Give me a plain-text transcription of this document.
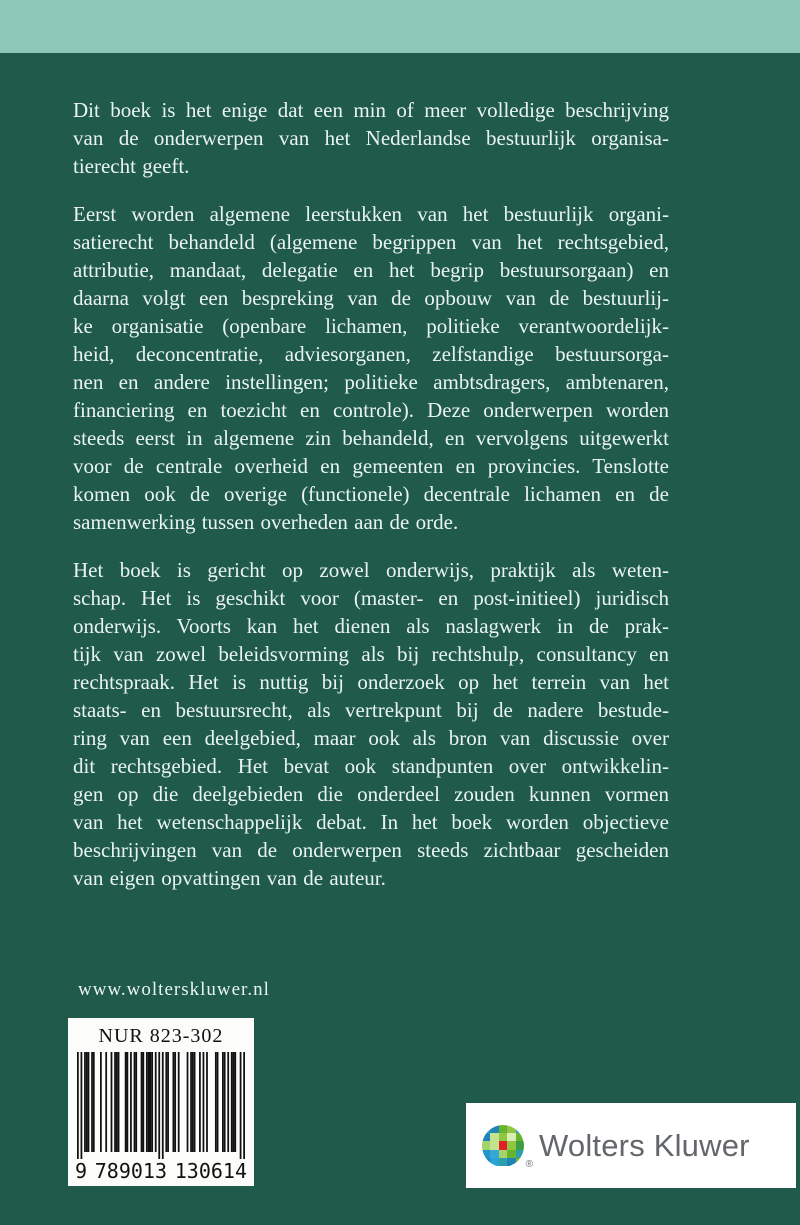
Dit boek is het enige dat een min of meer volledige beschrijving
van de onderwerpen van het Nederlandse bestuurlijk organisa-
tierecht geeft.
Eerst worden algemene leerstukken van het bestuurlijk organi-
satierecht behandeld (algemene begrippen van het rechtsgebied,
attributie, mandaat, delegatie en het begrip bestuursorgaan) en
daarna volgt een bespreking van de opbouw van de bestuurlij-
ke organisatie (openbare lichamen, politieke verantwoordelijk-
heid, deconcentratie, adviesorganen, zelfstandige bestuursorga-
nen en andere instellingen; politieke ambtsdragers, ambtenaren,
financiering en toezicht en controle). Deze onderwerpen worden
steeds eerst in algemene zin behandeld, en vervolgens uitgewerkt
voor de centrale overheid en gemeenten en provincies. Tenslotte
komen ook de overige (functionele) decentrale lichamen en de
samenwerking tussen overheden aan de orde.
Het boek is gericht op zowel onderwijs, praktijk als weten-
schap. Het is geschikt voor (master- en post-initieel) juridisch
onderwijs. Voorts kan het dienen als naslagwerk in de prak-
tijk van zowel beleidsvorming als bij rechtshulp, consultancy en
rechtspraak. Het is nuttig bij onderzoek op het terrein van het
staats- en bestuursrecht, als vertrekpunt bij de nadere bestude-
ring van een deelgebied, maar ook als bron van discussie over
dit rechtsgebied. Het bevat ook standpunten over ontwikkelin-
gen op die deelgebieden die onderdeel zouden kunnen vormen
van het wetenschappelijk debat. In het boek worden objectieve
beschrijvingen van de onderwerpen steeds zichtbaar gescheiden
van eigen opvattingen van de auteur.
www.wolterskluwer.nl
NUR 823-302
9 789013 130614	®
Wolters Kluwer
